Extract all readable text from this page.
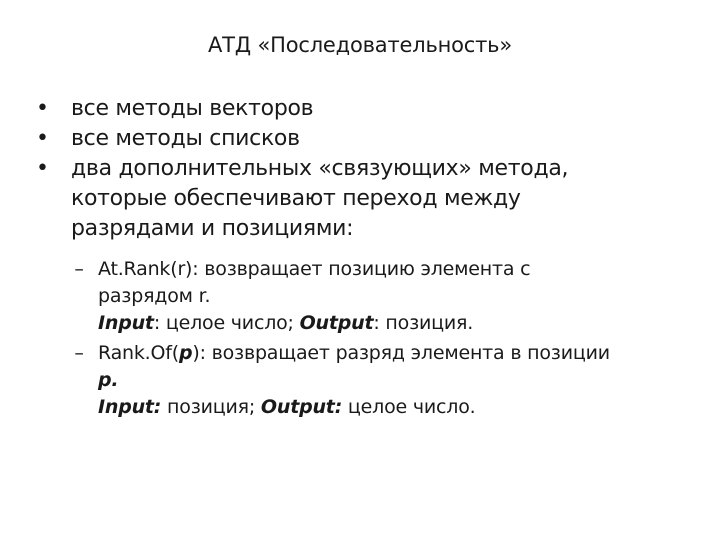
АТД «Последовательность»
• все методы векторов
• все методы списков
• два дополнительных «связующих» метода,
которые обеспечивают переход между
разрядами и позициями:
– At.Rank(r): возвращает позицию элемента с
разрядом r.
Input: целое число; Output: позиция.
– Rank.Of(p): возвращает разряд элемента в позиции
p.
Input: позиция; Output: целое число.
